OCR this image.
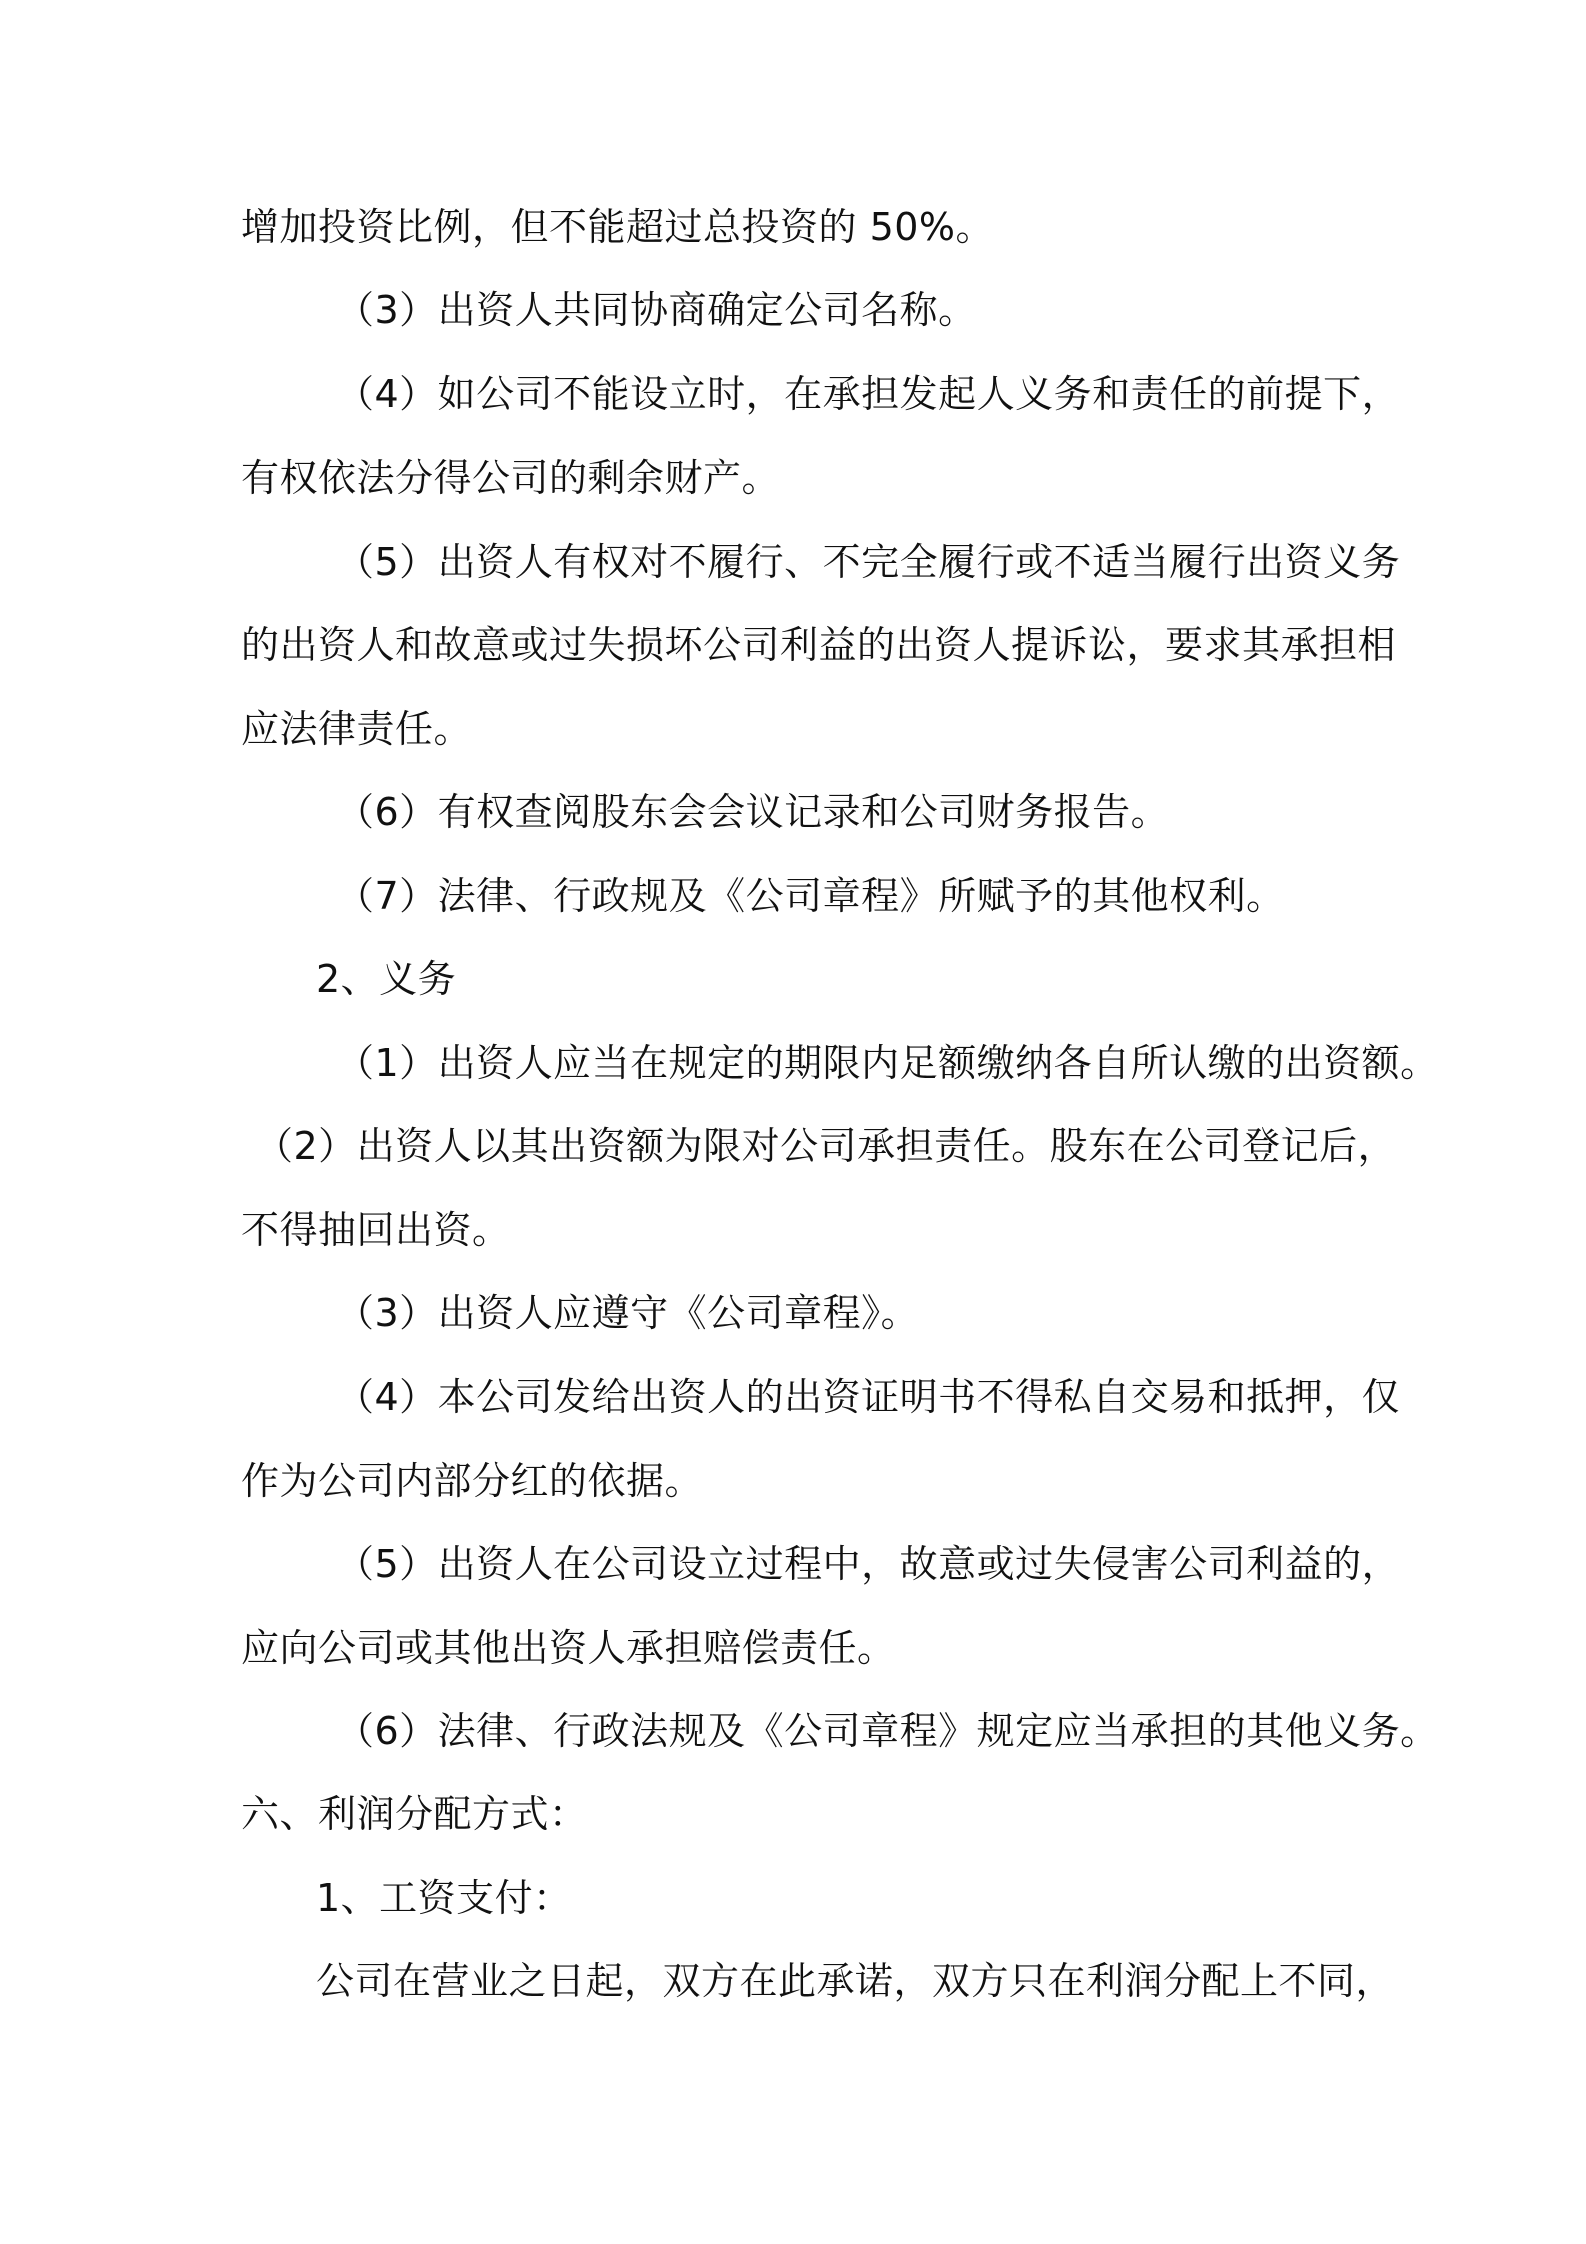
增加投资比例，但不能超过总投资的 50%。
（3）出资人共同协商确定公司名称。
（4）如公司不能设立时，在承担发起人义务和责任的前提下，
有权依法分得公司的剩余财产。
（5）出资人有权对不履行、不完全履行或不适当履行出资义务
的出资人和故意或过失损坏公司利益的出资人提诉讼，要求其承担相
应法律责任。
（6）有权查阅股东会会议记录和公司财务报告。
（7）法律、行政规及《公司章程》所赋予的其他权利。
2、义务
（1）出资人应当在规定的期限内足额缴纳各自所认缴的出资额。
（2）出资人以其出资额为限对公司承担责任。股东在公司登记后，
不得抽回出资。
（3）出资人应遵守《公司章程》。
（4）本公司发给出资人的出资证明书不得私自交易和抵押，仅
作为公司内部分红的依据。
（5）出资人在公司设立过程中，故意或过失侵害公司利益的，
应向公司或其他出资人承担赔偿责任。
（6）法律、行政法规及《公司章程》规定应当承担的其他义务。
六、利润分配方式：
1、工资支付：
公司在营业之日起，双方在此承诺，双方只在利润分配上不同，
